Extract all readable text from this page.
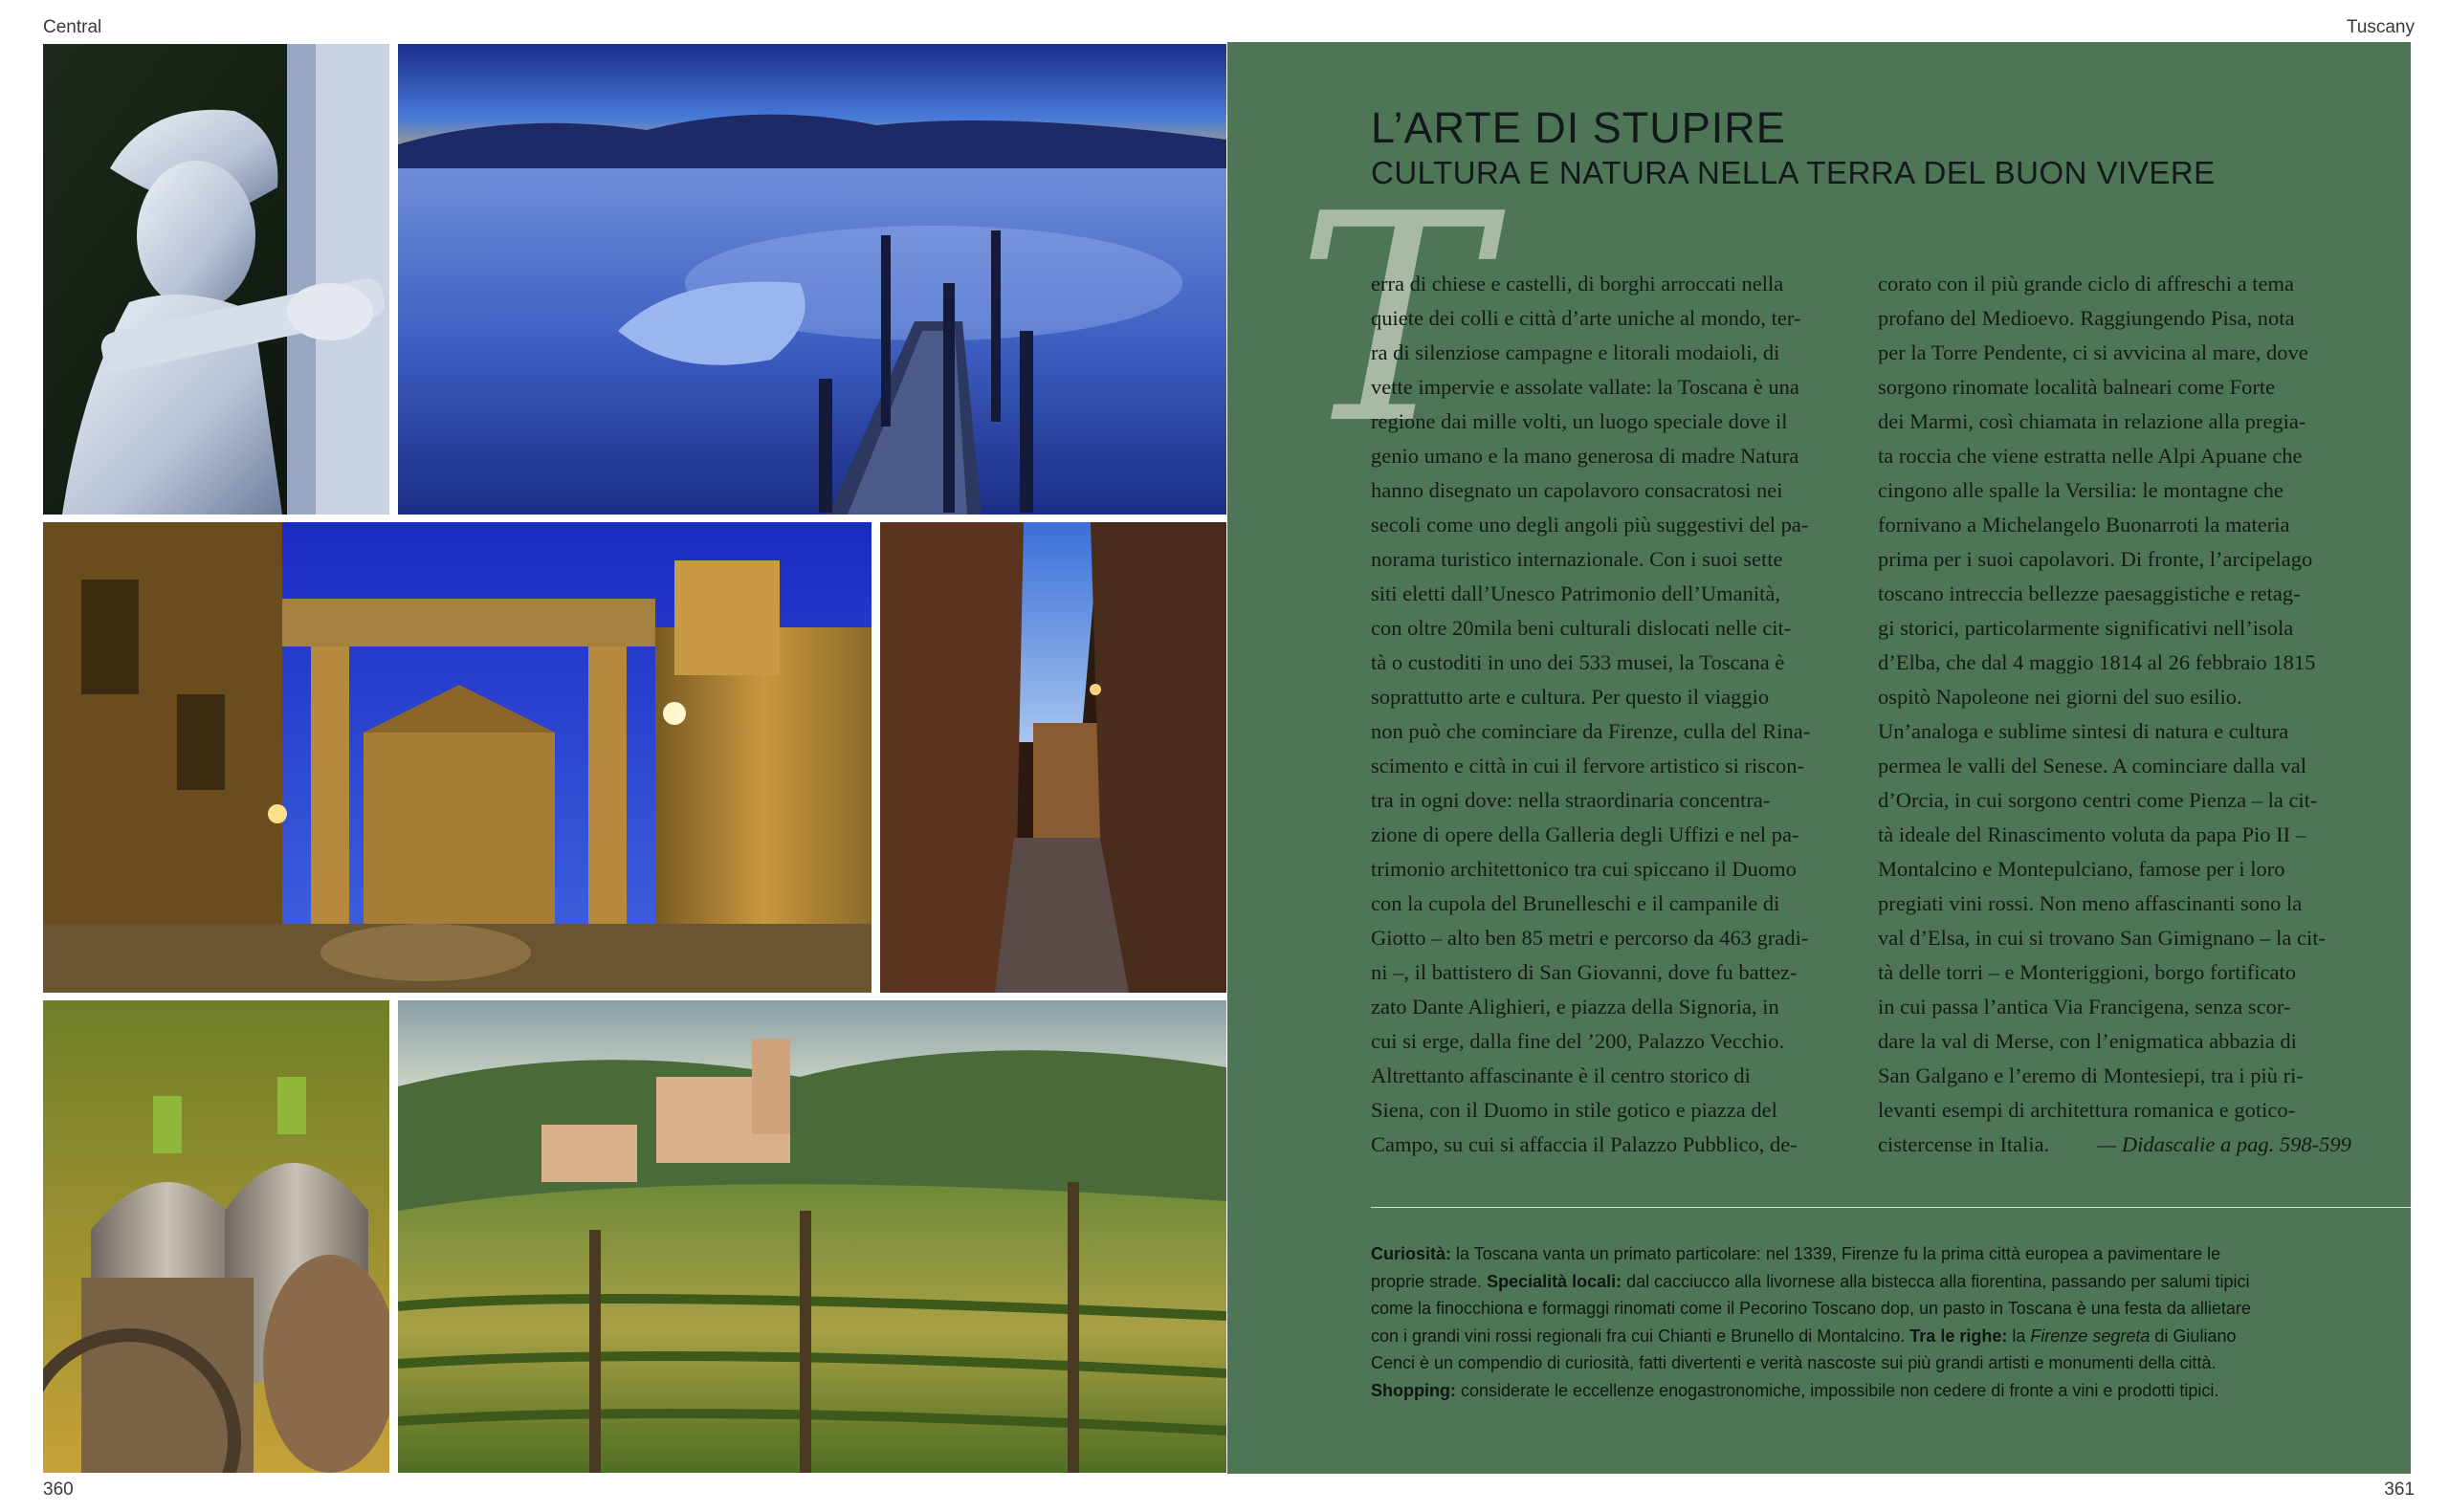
Central	Tuscany
360	361
L’ARTE DI STUPIRE
CULTURA E NATURA NELLA TERRA DEL BUON VIVERE
T
erra di chiese e castelli, di borghi arroccati nella
quiete dei colli e città d’arte uniche al mondo, ter-
ra di silenziose campagne e litorali modaioli, di
vette impervie e assolate vallate: la Toscana è una
regione dai mille volti, un luogo speciale dove il
genio umano e la mano generosa di madre Natura
hanno disegnato un capolavoro consacratosi nei
secoli come uno degli angoli più suggestivi del pa-
norama turistico internazionale. Con i suoi sette
siti eletti dall’Unesco Patrimonio dell’Umanità,
con oltre 20mila beni culturali dislocati nelle cit-
tà o custoditi in uno dei 533 musei, la Toscana è
soprattutto arte e cultura. Per questo il viaggio
non può che cominciare da Firenze, culla del Rina-
scimento e città in cui il fervore artistico si riscon-
tra in ogni dove: nella straordinaria concentra-
zione di opere della Galleria degli Uffizi e nel pa-
trimonio architettonico tra cui spiccano il Duomo
con la cupola del Brunelleschi e il campanile di
Giotto – alto ben 85 metri e percorso da 463 gradi-
ni –, il battistero di San Giovanni, dove fu battez-
zato Dante Alighieri, e piazza della Signoria, in
cui si erge, dalla fine del ’200, Palazzo Vecchio.
Altrettanto affascinante è il centro storico di
Siena, con il Duomo in stile gotico e piazza del
Campo, su cui si affaccia il Palazzo Pubblico, de-
corato con il più grande ciclo di affreschi a tema
profano del Medioevo. Raggiungendo Pisa, nota
per la Torre Pendente, ci si avvicina al mare, dove
sorgono rinomate località balneari come Forte
dei Marmi, così chiamata in relazione alla pregia-
ta roccia che viene estratta nelle Alpi Apuane che
cingono alle spalle la Versilia: le montagne che
fornivano a Michelangelo Buonarroti la materia
prima per i suoi capolavori. Di fronte, l’arcipelago
toscano intreccia bellezze paesaggistiche e retag-
gi storici, particolarmente significativi nell’isola
d’Elba, che dal 4 maggio 1814 al 26 febbraio 1815
ospitò Napoleone nei giorni del suo esilio.
Un’analoga e sublime sintesi di natura e cultura
permea le valli del Senese. A cominciare dalla val
d’Orcia, in cui sorgono centri come Pienza – la cit-
tà ideale del Rinascimento voluta da papa Pio II –
Montalcino e Montepulciano, famose per i loro
pregiati vini rossi. Non meno affascinanti sono la
val d’Elsa, in cui si trovano San Gimignano – la cit-
tà delle torri – e Monteriggioni, borgo fortificato
in cui passa l’antica Via Francigena, senza scor-
dare la val di Merse, con l’enigmatica abbazia di
San Galgano e l’eremo di Montesiepi, tra i più ri-
levanti esempi di architettura romanica e gotico-
cistercense in Italia. — Didascalie a pag. 598-599
Curiosità: la Toscana vanta un primato particolare: nel 1339, Firenze fu la prima città europea a pavimentare le
proprie strade. Specialità locali: dal cacciucco alla livornese alla bistecca alla fiorentina, passando per salumi tipici
come la finocchiona e formaggi rinomati come il Pecorino Toscano dop, un pasto in Toscana è una festa da allietare
con i grandi vini rossi regionali fra cui Chianti e Brunello di Montalcino. Tra le righe: la Firenze segreta di Giuliano
Cenci è un compendio di curiosità, fatti divertenti e verità nascoste sui più grandi artisti e monumenti della città.
Shopping: considerate le eccellenze enogastronomiche, impossibile non cedere di fronte a vini e prodotti tipici.
